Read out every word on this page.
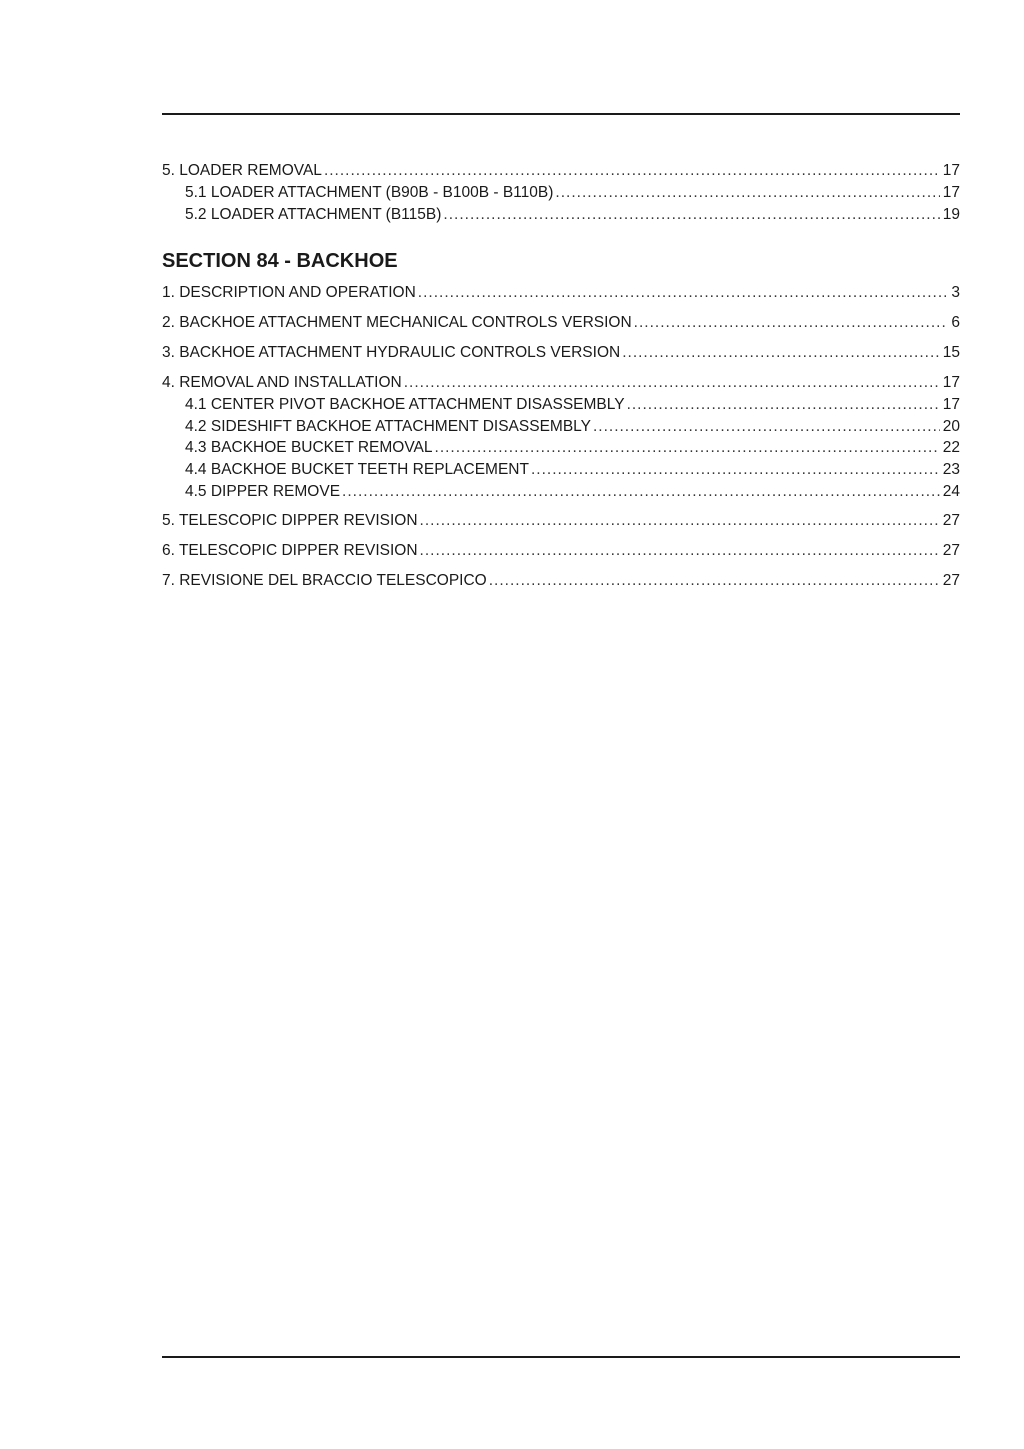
5. LOADER REMOVAL .....	17
5.1 LOADER ATTACHMENT (B90B - B100B - B110B) .....	17
5.2 LOADER ATTACHMENT (B115B) .....	19
SECTION 84 - BACKHOE
1. DESCRIPTION AND OPERATION .....	3
2. BACKHOE ATTACHMENT MECHANICAL CONTROLS VERSION .....	6
3. BACKHOE ATTACHMENT HYDRAULIC CONTROLS VERSION .....	15
4. REMOVAL AND INSTALLATION .....	17
4.1 CENTER PIVOT BACKHOE ATTACHMENT DISASSEMBLY .....	17
4.2 SIDESHIFT BACKHOE ATTACHMENT DISASSEMBLY .....	20
4.3 BACKHOE BUCKET REMOVAL .....	22
4.4 BACKHOE BUCKET TEETH REPLACEMENT .....	23
4.5 DIPPER REMOVE .....	24
5. TELESCOPIC DIPPER REVISION .....	27
6. TELESCOPIC DIPPER REVISION .....	27
7. REVISIONE DEL BRACCIO TELESCOPICO .....	27
